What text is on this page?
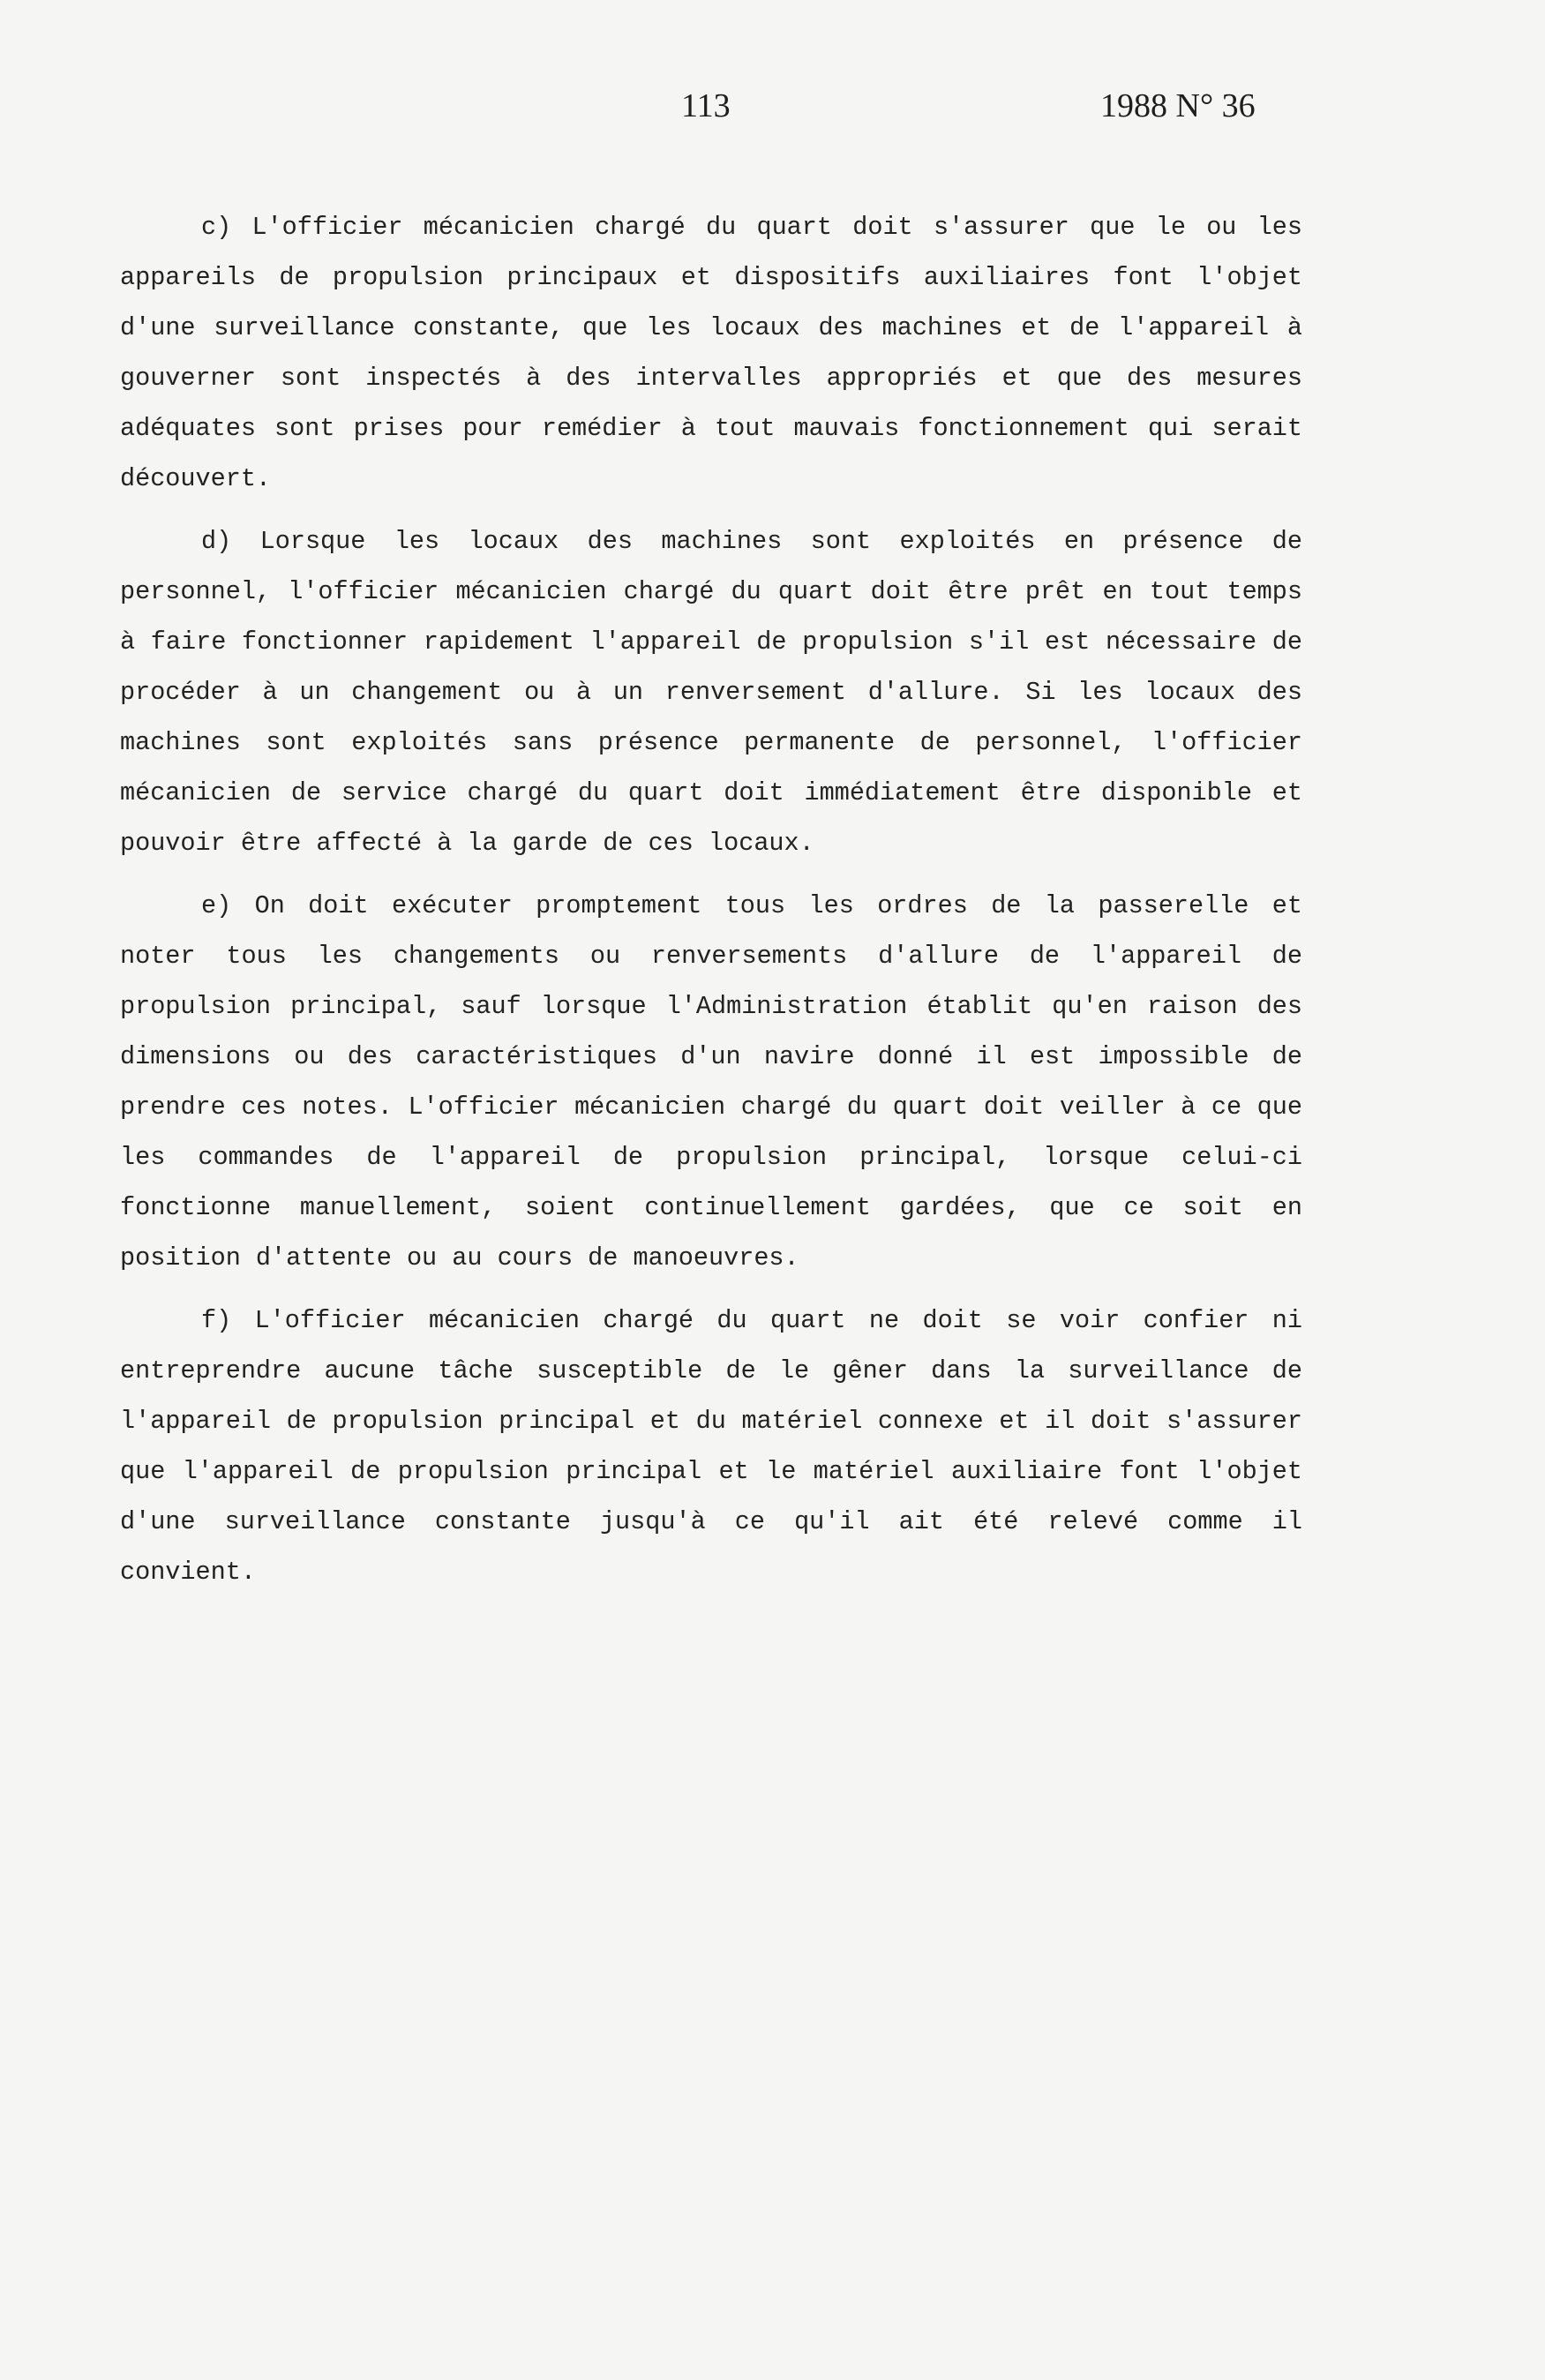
113	1988 N° 36

c) L'officier mécanicien chargé du quart doit s'assurer que le ou les appareils de propulsion principaux et dispositifs auxiliaires font l'objet d'une surveillance constante, que les locaux des machines et de l'appareil à gouverner sont inspectés à des intervalles appropriés et que des mesures adéquates sont prises pour remédier à tout mauvais fonctionnement qui serait découvert.

d) Lorsque les locaux des machines sont exploités en présence de personnel, l'officier mécanicien chargé du quart doit être prêt en tout temps à faire fonctionner rapidement l'appareil de propulsion s'il est nécessaire de procéder à un changement ou à un renversement d'allure. Si les locaux des machines sont exploités sans présence permanente de personnel, l'officier mécanicien de service chargé du quart doit immédiatement être disponible et pouvoir être affecté à la garde de ces locaux.

e) On doit exécuter promptement tous les ordres de la passerelle et noter tous les changements ou renversements d'allure de l'appareil de propulsion principal, sauf lorsque l'Administration établit qu'en raison des dimensions ou des caractéristiques d'un navire donné il est impossible de prendre ces notes. L'officier mécanicien chargé du quart doit veiller à ce que les commandes de l'appareil de propulsion principal, lorsque celui-ci fonctionne manuellement, soient continuellement gardées, que ce soit en position d'attente ou au cours de manoeuvres.

f) L'officier mécanicien chargé du quart ne doit se voir confier ni entreprendre aucune tâche susceptible de le gêner dans la surveillance de l'appareil de propulsion principal et du matériel connexe et il doit s'assurer que l'appareil de propulsion principal et le matériel auxiliaire font l'objet d'une surveillance constante jusqu'à ce qu'il ait été relevé comme il convient.
